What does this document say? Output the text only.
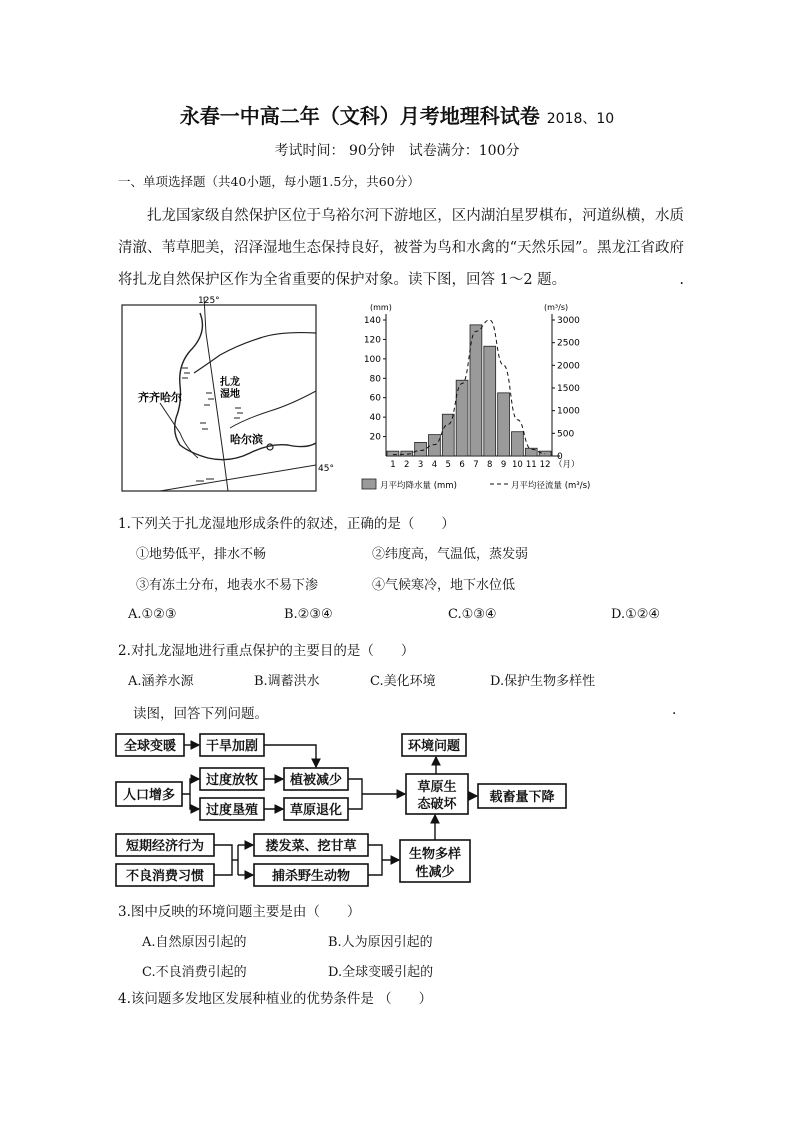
永春一中高二年（文科）月考地理科试卷 2018、10
考试时间： 90分钟　试卷满分：100分
一、单项选择题（共40小题，每小题1.5分，共60分）
扎龙国家级自然保护区位于乌裕尔河下游地区，区内湖泊星罗棋布，河道纵横，水质清澈、苇草肥美，沼泽湿地生态保持良好，被誉为鸟和水禽的“天然乐园”。黑龙江省政府将扎龙自然保护区作为全省重要的保护对象。读下图，回答 1～2 题。	.
125°
45°
齐齐哈尔
扎龙
湿地
哈尔滨
(mm)	(m³/s)
20
40
60
80
100
120
140
0
500
1000
1500
2000
2500
3000
1 2 3 4 5 6 7 8 9 10 11 12 （月）
月平均降水量 (mm)	月平均径流量 (m³/s)
1.下列关于扎龙湿地形成条件的叙述，正确的是（　　）
①地势低平，排水不畅	②纬度高，气温低，蒸发弱
③有冻土分布，地表水不易下渗	④气候寒冷，地下水位低
A.①②③	B.②③④	C.①③④	D.①②④
2.对扎龙湿地进行重点保护的主要目的是（　　）
A.涵养水源	B.调蓄洪水	C.美化环境	D.保护生物多样性
读图，回答下列问题。	.
全球变暖 干旱加剧
人口增多
过度放牧
过度垦殖
植被减少
草原退化
环境问题
草原生
态破坏	载畜量下降
短期经济行为
不良消费习惯
搂发菜、挖甘草
捕杀野生动物
生物多样
性减少
3.图中反映的环境问题主要是由（　　）
A.自然原因引起的	B.人为原因引起的
C.不良消费引起的	D.全球变暖引起的
4.该问题多发地区发展种植业的优势条件是 （　　）
